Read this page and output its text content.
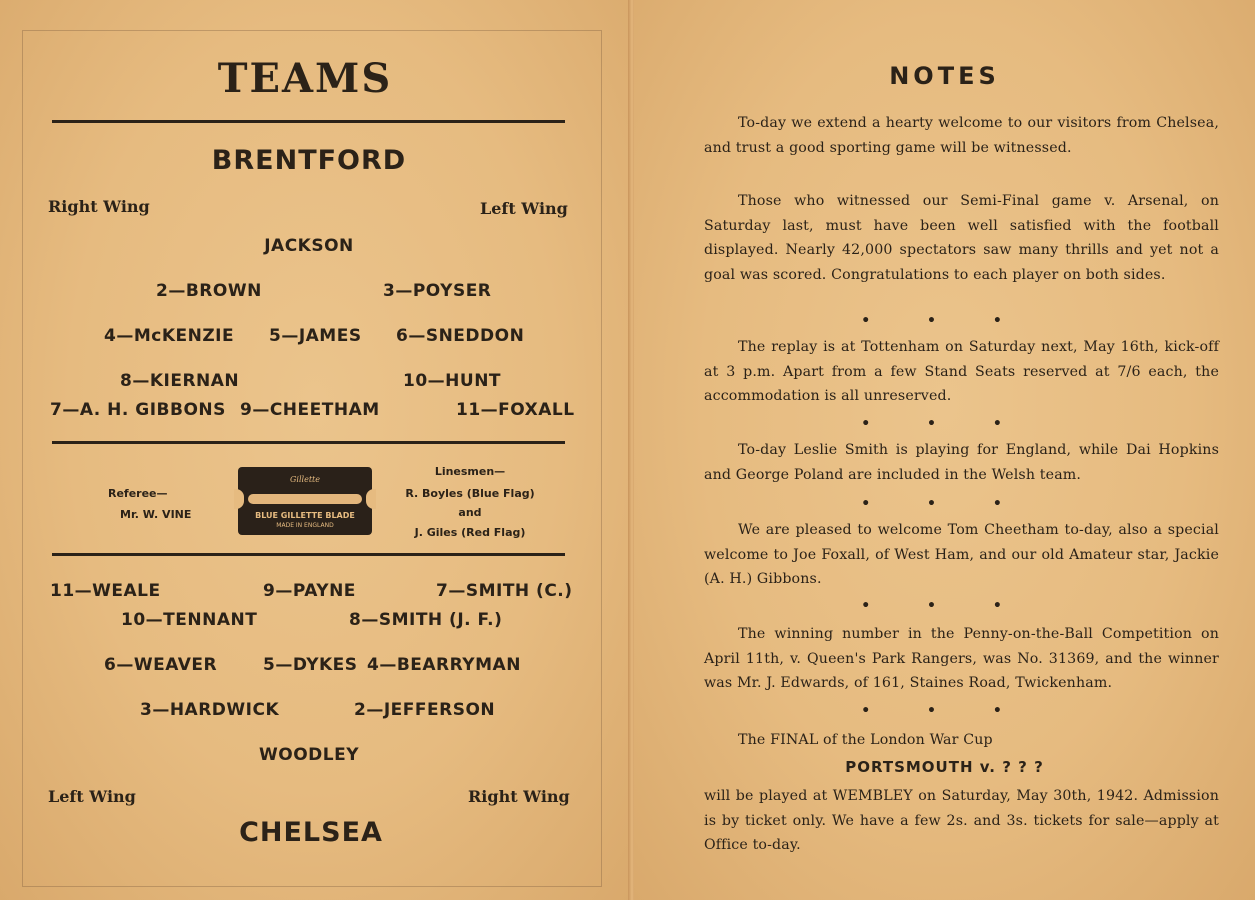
TEAMS
BRENTFORD
Right Wing	Left Wing
JACKSON
2—BROWN	3—POYSER
4—McKENZIE 5—JAMES 6—SNEDDON
8—KIERNAN	10—HUNT
7—A. H. GIBBONS 9—CHEETHAM	11—FOXALL
Referee—
Mr. W. VINE
Gillette
BLUE GILLETTE BLADE
MADE IN ENGLAND
Linesmen—
R. Boyles (Blue Flag)
and
J. Giles (Red Flag)
11—WEALE	9—PAYNE	7—SMITH (C.)
10—TENNANT	8—SMITH (J. F.)
6—WEAVER	5—DYKES 4—BEARRYMAN
3—HARDWICK	2—JEFFERSON
WOODLEY
Left Wing	Right Wing
CHELSEA
NOTES
To-day we extend a hearty welcome to our visitors from Chelsea, and trust a good sporting game will be witnessed.
Those who witnessed our Semi-Final game v. Arsenal, on Saturday last, must have been well satisfied with the football displayed. Nearly 42,000 spectators saw many thrills and yet not a goal was scored. Congratulations to each player on both sides.
• • •
The replay is at Tottenham on Saturday next, May 16th, kick-off at 3 p.m. Apart from a few Stand Seats reserved at 7/6 each, the accommodation is all unreserved.
• • •
To-day Leslie Smith is playing for England, while Dai Hopkins and George Poland are included in the Welsh team.
• • •
We are pleased to welcome Tom Cheetham to-day, also a special welcome to Joe Foxall, of West Ham, and our old Amateur star, Jackie (A. H.) Gibbons.
• • •
The winning number in the Penny-on-the-Ball Competition on April 11th, v. Queen's Park Rangers, was No. 31369, and the winner was Mr. J. Edwards, of 161, Staines Road, Twickenham.
• • •
The FINAL of the London War Cup
PORTSMOUTH v. ? ? ?
will be played at WEMBLEY on Saturday, May 30th, 1942. Admission is by ticket only. We have a few 2s. and 3s. tickets for sale—apply at Office to-day.
